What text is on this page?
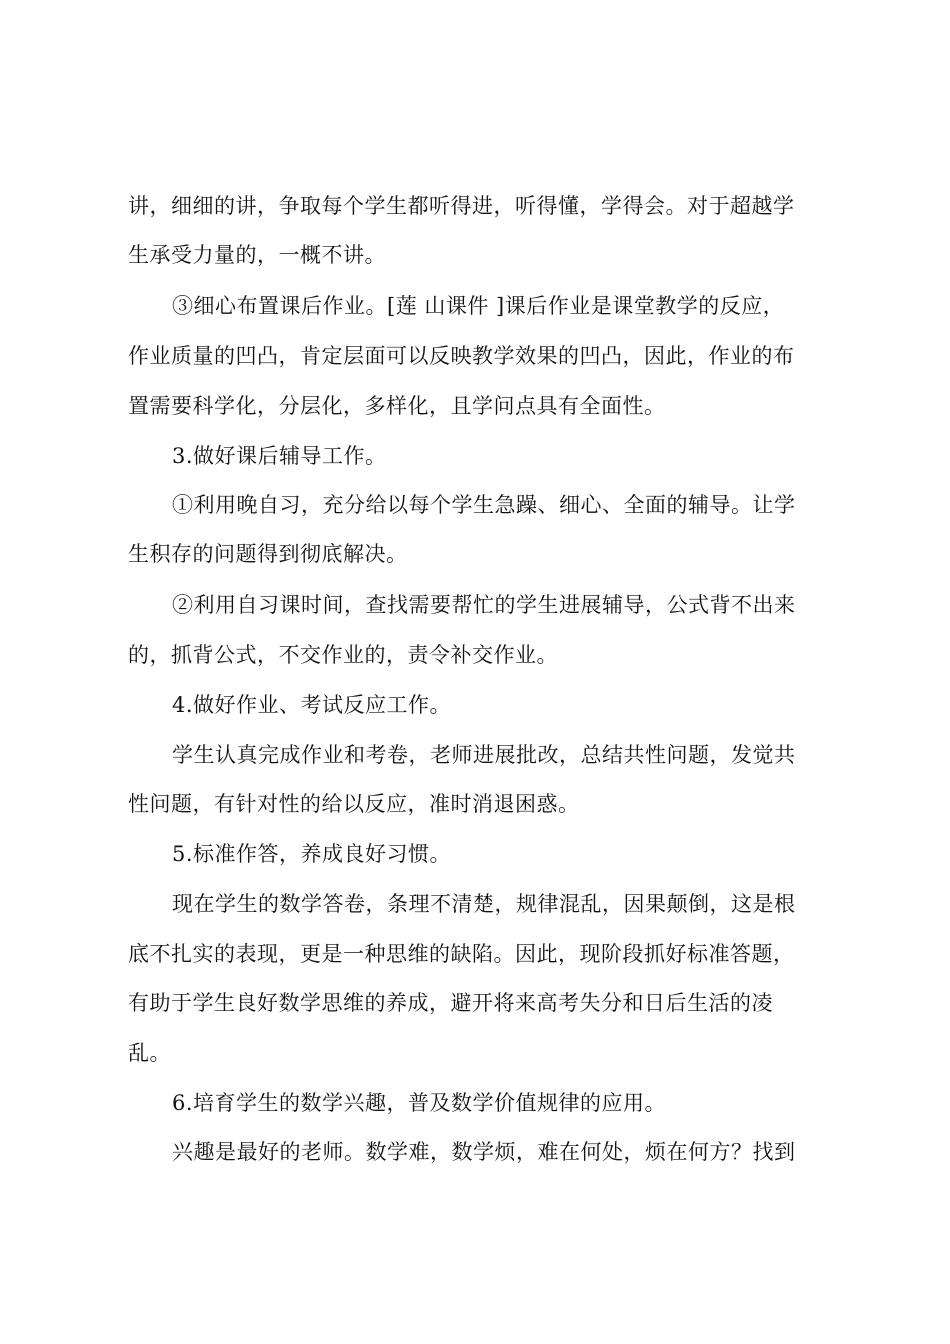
讲，细细的讲，争取每个学生都听得进，听得懂，学得会。对于超越学
生承受力量的，一概不讲。
③细心布置课后作业。[莲 山课件 ]课后作业是课堂教学的反应，
作业质量的凹凸，肯定层面可以反映教学效果的凹凸，因此，作业的布
置需要科学化，分层化，多样化，且学问点具有全面性。
3.做好课后辅导工作。
①利用晚自习，充分给以每个学生急躁、细心、全面的辅导。让学
生积存的问题得到彻底解决。
②利用自习课时间，查找需要帮忙的学生进展辅导，公式背不出来
的，抓背公式，不交作业的，责令补交作业。
4.做好作业、考试反应工作。
学生认真完成作业和考卷，老师进展批改，总结共性问题，发觉共
性问题，有针对性的给以反应，准时消退困惑。
5.标准作答，养成良好习惯。
现在学生的数学答卷，条理不清楚，规律混乱，因果颠倒，这是根
底不扎实的表现，更是一种思维的缺陷。因此，现阶段抓好标准答题，
有助于学生良好数学思维的养成，避开将来高考失分和日后生活的凌
乱。
6.培育学生的数学兴趣，普及数学价值规律的应用。
兴趣是最好的老师。数学难，数学烦，难在何处，烦在何方？找到
